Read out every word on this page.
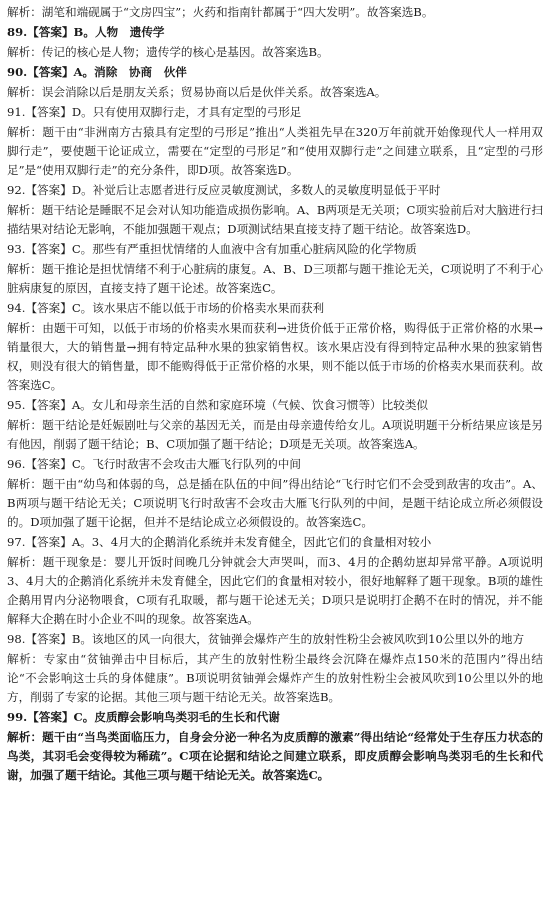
解析：湖笔和端砚属于“文房四宝”；火药和指南针都属于“四大发明”。故答案选B。

89.【答案】B。人物　遗传学

解析：传记的核心是人物；遗传学的核心是基因。故答案选B。

90.【答案】A。消除　协商　伙伴

解析：误会消除以后是朋友关系；贸易协商以后是伙伴关系。故答案选A。

91.【答案】D。只有使用双脚行走，才具有定型的弓形足

解析：题干由“非洲南方古猿具有定型的弓形足”推出“人类祖先早在320万年前就开始像现代人一样用双脚行走”，要使题干论证成立，需要在“定型的弓形足”和“使用双脚行走”之间建立联系，且“定型的弓形足”是“使用双脚行走”的充分条件，即D项。故答案选D。

92.【答案】D。补觉后让志愿者进行反应灵敏度测试，多数人的灵敏度明显低于平时

解析：题干结论是睡眠不足会对认知功能造成损伤影响。A、B两项是无关项；C项实验前后对大脑进行扫描结果对结论无影响，不能加强题干观点；D项测试结果直接支持了题干结论。故答案选D。

93.【答案】C。那些有严重担忧情绪的人血液中含有加重心脏病风险的化学物质

解析：题干推论是担忧情绪不利于心脏病的康复。A、B、D三项都与题干推论无关，C项说明了不利于心脏病康复的原因，直接支持了题干论述。故答案选C。

94.【答案】C。该水果店不能以低于市场的价格卖水果而获利

解析：由题干可知，以低于市场的价格卖水果而获利→进货价低于正常价格，购得低于正常价格的水果→销量很大，大的销售量→拥有特定品种水果的独家销售权。该水果店没有得到特定品种水果的独家销售权，则没有很大的销售量，即不能购得低于正常价格的水果，则不能以低于市场的价格卖水果而获利。故答案选C。

95.【答案】A。女儿和母亲生活的自然和家庭环境（气候、饮食习惯等）比较类似

解析：题干结论是妊娠剧吐与父亲的基因无关，而是由母亲遗传给女儿。A项说明题干分析结果应该是另有他因，削弱了题干结论；B、C项加强了题干结论；D项是无关项。故答案选A。

96.【答案】C。飞行时敌害不会攻击大雁飞行队列的中间

解析：题干由“幼鸟和体弱的鸟，总是插在队伍的中间”得出结论“飞行时它们不会受到敌害的攻击”。A、B两项与题干结论无关；C项说明飞行时敌害不会攻击大雁飞行队列的中间，是题干结论成立所必须假设的。D项加强了题干论据，但并不是结论成立必须假设的。故答案选C。

97.【答案】A。3、4月大的企鹅消化系统并未发育健全，因此它们的食量相对较小

解析：题干现象是：婴儿开饭时间晚几分钟就会大声哭叫，而3、4月的企鹅幼崽却异常平静。A项说明3、4月大的企鹅消化系统并未发育健全，因此它们的食量相对较小，很好地解释了题干现象。B项的雄性企鹅用胃内分泌物喂食，C项有孔取暖，都与题干论述无关；D项只是说明打企鹅不在时的情况，并不能解释大企鹅在时小企业不叫的现象。故答案选A。

98.【答案】B。该地区的风一向很大，贫铀弹会爆炸产生的放射性粉尘会被风吹到10公里以外的地方

解析：专家由“贫铀弹击中目标后，其产生的放射性粉尘最终会沉降在爆炸点150米的范围内”得出结论“不会影响这士兵的身体健康”。B项说明贫铀弹会爆炸产生的放射性粉尘会被风吹到10公里以外的地方，削弱了专家的论据。其他三项与题干结论无关。故答案选B。

99.【答案】C。皮质醇会影响鸟类羽毛的生长和代谢

解析：题干由“当鸟类面临压力，自身会分泌一种名为皮质醇的激素”得出结论“经常处于生存压力状态的鸟类，其羽毛会变得较为稀疏”。C项在论据和结论之间建立联系，即皮质醇会影响鸟类羽毛的生长和代谢，加强了题干结论。其他三项与题干结论无关。故答案选C。
